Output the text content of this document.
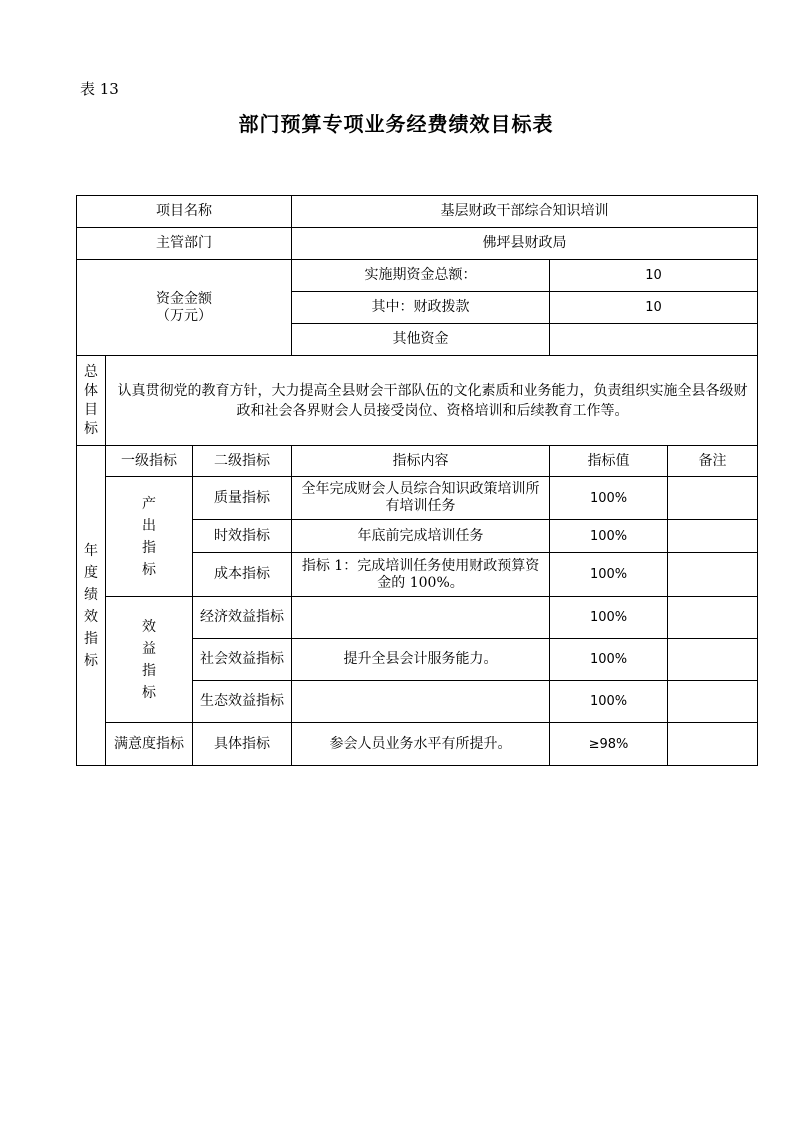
表 13
部门预算专项业务经费绩效目标表
项目名称			基层财政干部综合知识培训		
主管部门			佛坪县财政局		

资金金额
（万元）			实施期资金总额：	10	
			其中：财政拨款	10	
			其他资金		
总体目标	认真贯彻党的教育方针，大力提高全县财会干部队伍的文化素质和业务能力，负责组织实施全县各级财政和社会各界财会人员接受岗位、资格培训和后续教育工作等。				
年度绩效指标	一级指标	二级指标	指标内容	指标值	备注
	产出指标	质量指标	全年完成财会人员综合知识政策培训所有培训任务	100%	
		时效指标	年底前完成培训任务	100%	
		成本指标	指标 1：完成培训任务使用财政预算资金的 100%。	100%	
	效益指标	经济效益指标		100%	
		社会效益指标	提升全县会计服务能力。	100%	
		生态效益指标		100%	
	满意度指标	具体指标	参会人员业务水平有所提升。	≥98%	
